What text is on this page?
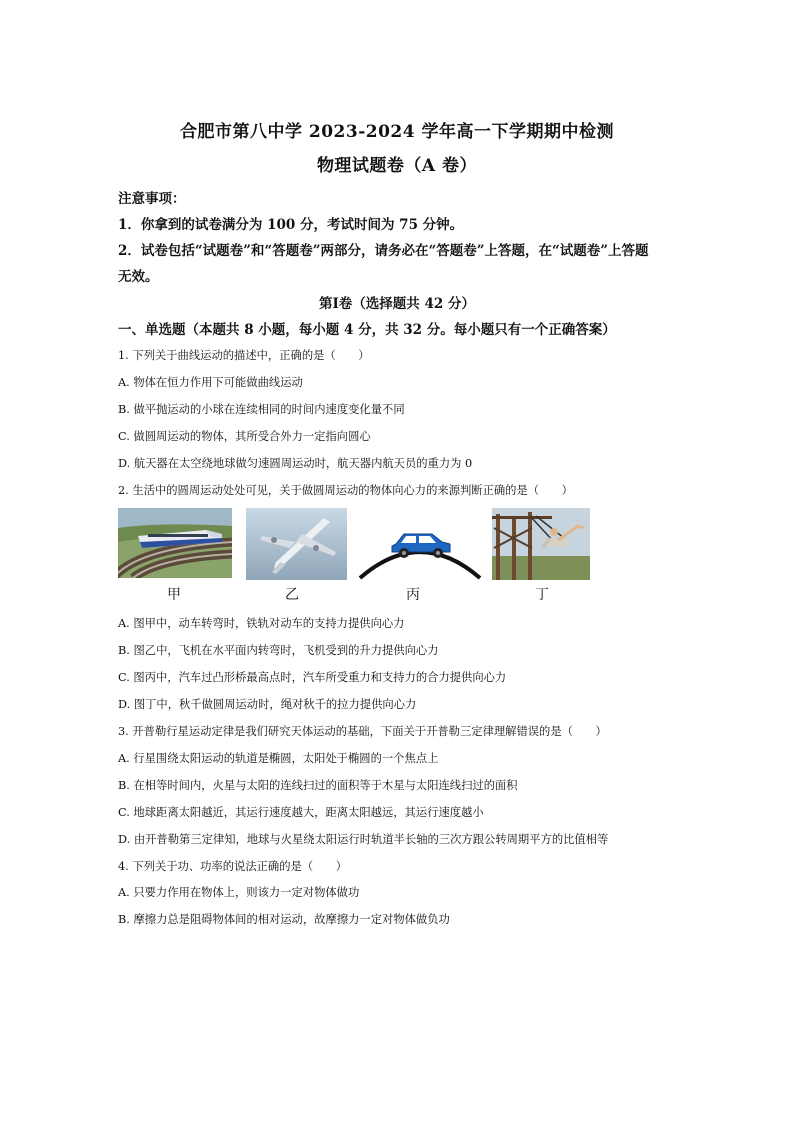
合肥市第八中学 2023-2024 学年高一下学期期中检测
物理试题卷（A 卷）
注意事项：
1．你拿到的试卷满分为 100 分，考试时间为 75 分钟。
2．试卷包括“试题卷”和“答题卷”两部分，请务必在“答题卷”上答题，在“试题卷”上答题
无效。
第Ⅰ卷（选择题共 42 分）
一、单选题（本题共 8 小题，每小题 4 分，共 32 分。每小题只有一个正确答案）
1. 下列关于曲线运动的描述中，正确的是（　　）
A. 物体在恒力作用下可能做曲线运动
B. 做平抛运动的小球在连续相同的时间内速度变化量不同
C. 做圆周运动的物体，其所受合外力一定指向圆心
D. 航天器在太空绕地球做匀速圆周运动时，航天器内航天员的重力为 0
2. 生活中的圆周运动处处可见，关于做圆周运动的物体向心力的来源判断正确的是（　　）
甲	乙	丙	丁
A. 图甲中，动车转弯时，铁轨对动车的支持力提供向心力
B. 图乙中，飞机在水平面内转弯时，飞机受到的升力提供向心力
C. 图丙中，汽车过凸形桥最高点时，汽车所受重力和支持力的合力提供向心力
D. 图丁中，秋千做圆周运动时，绳对秋千的拉力提供向心力
3. 开普勒行星运动定律是我们研究天体运动的基础，下面关于开普勒三定律理解错误的是（　　）
A. 行星围绕太阳运动的轨道是椭圆，太阳处于椭圆的一个焦点上
B. 在相等时间内，火星与太阳的连线扫过的面积等于木星与太阳连线扫过的面积
C. 地球距离太阳越近，其运行速度越大，距离太阳越远，其运行速度越小
D. 由开普勒第三定律知，地球与火星绕太阳运行时轨道半长轴的三次方跟公转周期平方的比值相等
4. 下列关于功、功率的说法正确的是（　　）
A. 只要力作用在物体上，则该力一定对物体做功
B. 摩擦力总是阻碍物体间的相对运动，故摩擦力一定对物体做负功
